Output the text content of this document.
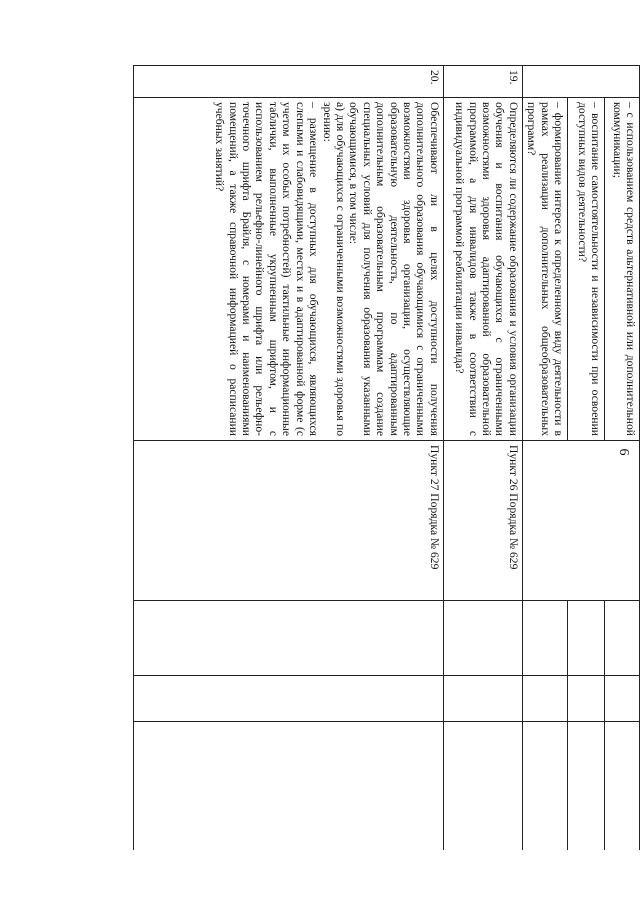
6
	– с использованием средств альтернативной или дополнительной коммуникации;				
	– воспитание самостоятельности и независимости при освоении доступных видов деятельности?				
	– формирование интереса к определенному виду деятельности в рамках реализации дополнительных общеобразовательных программ?				
19.	Определяются ли содержание образования и условия организации обучения и воспитания обучающихся с ограниченными возможностями здоровья адаптированной образовательной программой, а для инвалидов также в соответствии с индивидуальной программой реабилитации инвалида?	Пункт 26 Порядка № 629			
20.	Обеспечивают ли в целях доступности получения дополнительного образования обучающимися с ограниченными возможностями здоровья организации, осуществляющие образовательную деятельность, по адаптированным дополнительным образовательным программам создание специальных условий для получения образования указанными обучающимися, в том числе:

а) для обучающихся с ограниченными возможностями здоровья по зрению:

– размещение в доступных для обучающихся, являющихся слепыми и слабовидящими, местах и в адаптированной форме (с учетом их особых потребностей) тактильные информационные таблички, выполненные укрупненным шрифтом, и с использованием рельефно-линейного шрифта или рельефно-точечного шрифта Брайля, с номерами и наименованиями помещений, а также справочной информацией о расписании учебных занятий?	Пункт 27 Порядка № 629			
